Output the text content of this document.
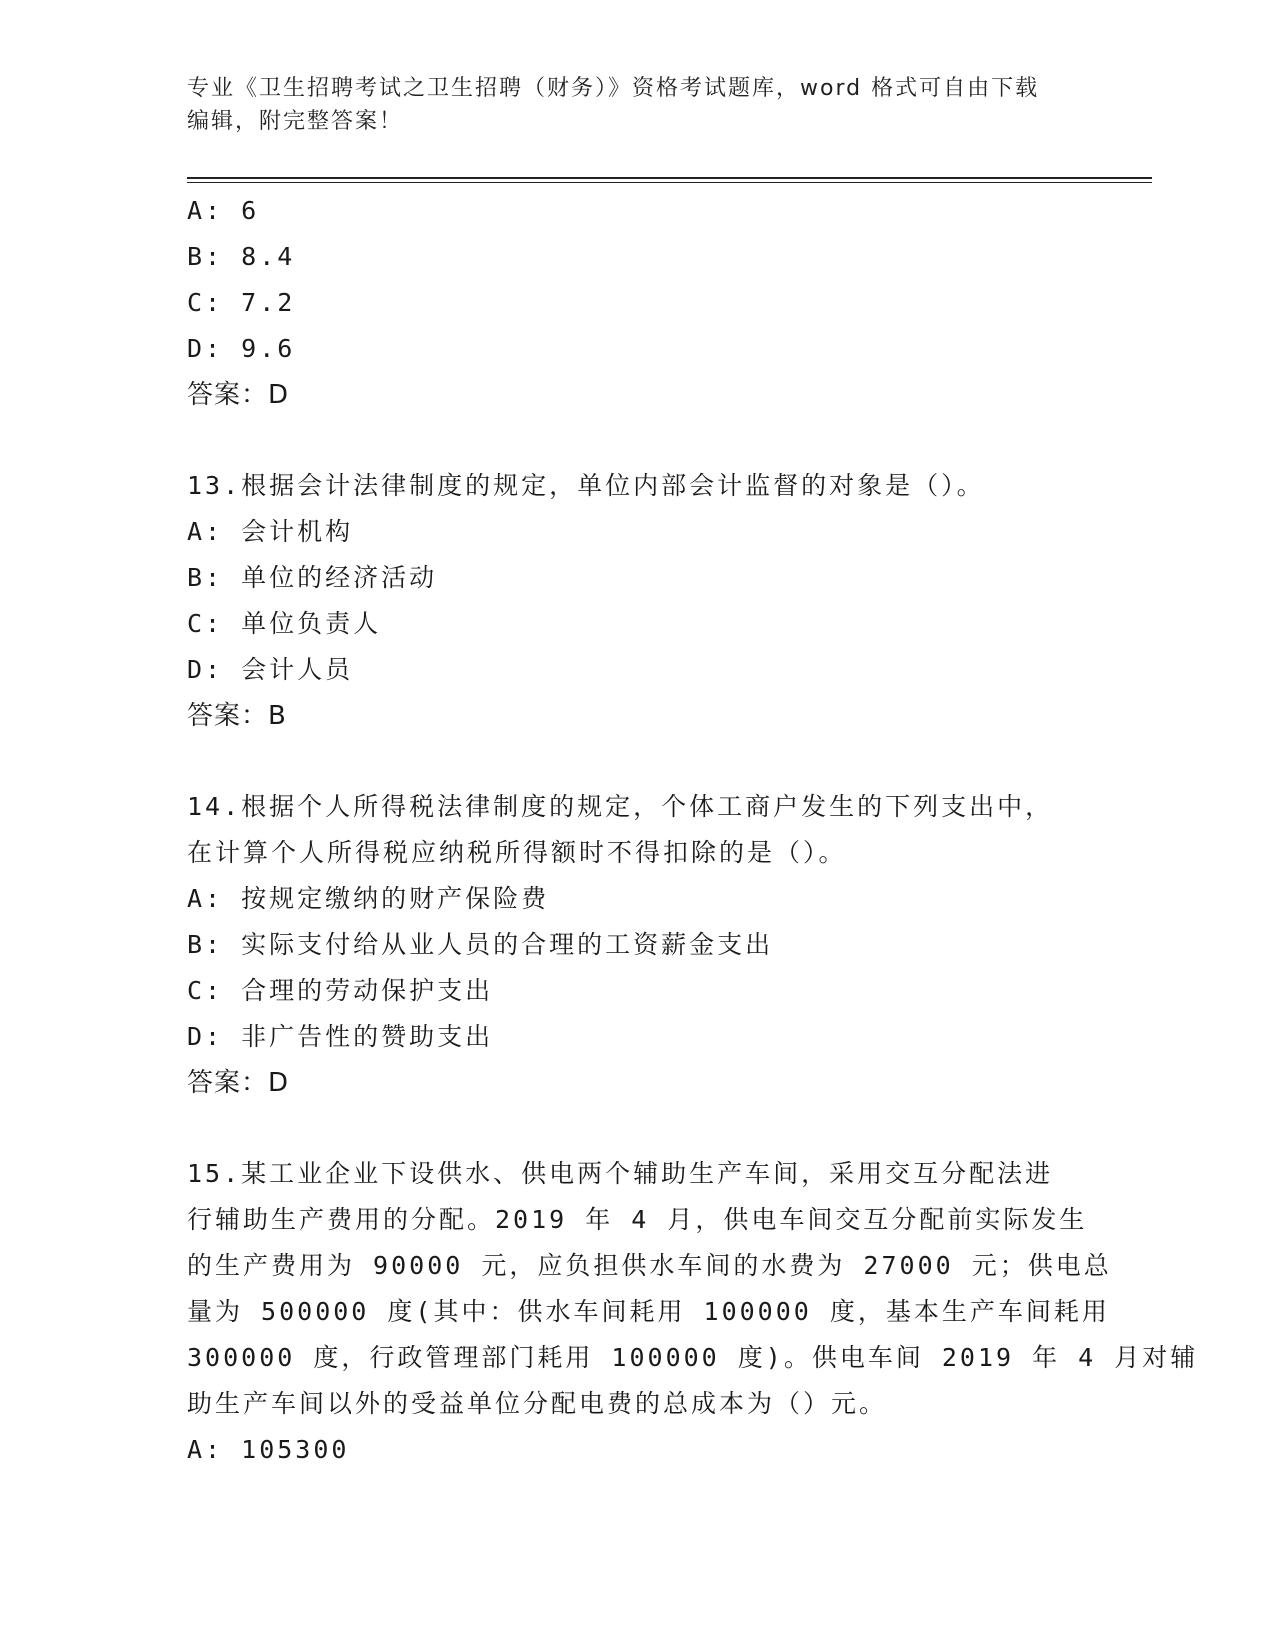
专业《卫生招聘考试之卫生招聘（财务）》资格考试题库，word 格式可自由下载
编辑，附完整答案！
A: 6
B: 8.4
C: 7.2
D: 9.6
答案：D
13.根据会计法律制度的规定，单位内部会计监督的对象是（）。
A: 会计机构
B: 单位的经济活动
C: 单位负责人
D: 会计人员
答案：B
14.根据个人所得税法律制度的规定，个体工商户发生的下列支出中，
在计算个人所得税应纳税所得额时不得扣除的是（）。
A: 按规定缴纳的财产保险费
B: 实际支付给从业人员的合理的工资薪金支出
C: 合理的劳动保护支出
D: 非广告性的赞助支出
答案：D
15.某工业企业下设供水、供电两个辅助生产车间，采用交互分配法进
行辅助生产费用的分配。2019 年 4 月，供电车间交互分配前实际发生
的生产费用为 90000 元，应负担供水车间的水费为 27000 元；供电总
量为 500000 度(其中：供水车间耗用 100000 度，基本生产车间耗用
300000 度，行政管理部门耗用 100000 度)。供电车间 2019 年 4 月对辅
助生产车间以外的受益单位分配电费的总成本为（）元。
A: 105300
